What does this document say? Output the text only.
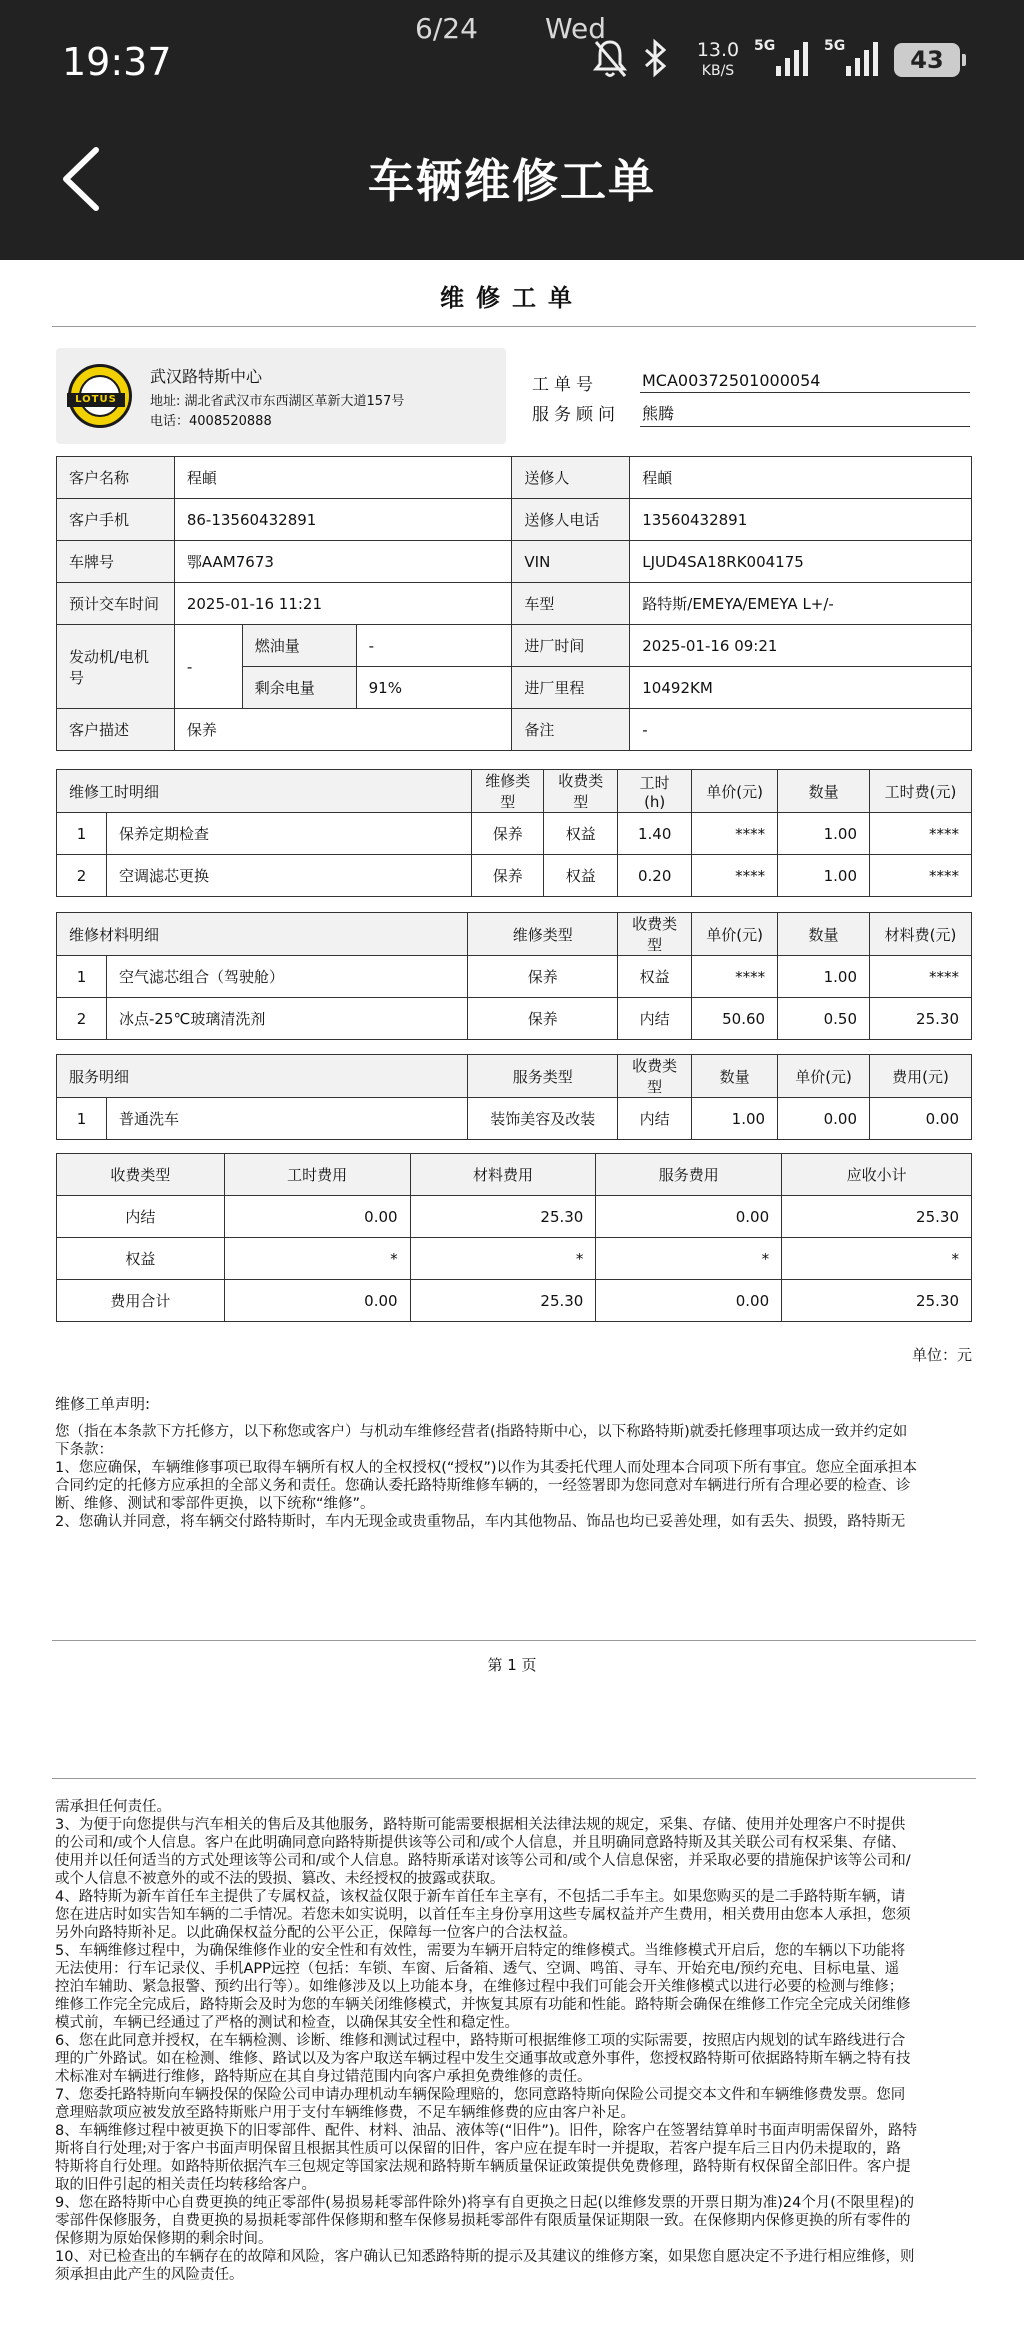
19:37
6/24 Wed
13.0
KB/S
5G	5G	43
车辆维修工单
维修工单
LOTUS
武汉路特斯中心
地址: 湖北省武汉市东西湖区革新大道157号
电话：4008520888
工单号	MCA00372501000054
服务顾问 熊腾
客户名称	程頔			送修人	程頔
客户手机	86-13560432891			送修人电话	13560432891
车牌号	鄂AAM7673			VIN	LJUD4SA18RK004175
预计交车时间	2025-01-16 11:21			车型	路特斯/EMEYA/EMEYA L+/-
发动机/电机号	-	燃油量	-	进厂时间	2025-01-16 09:21
		剩余电量	91%	进厂里程	10492KM
客户描述	保养			备注	-
维修工时明细		维修类型	收费类型	工时(h)	单价(元)	数量	工时费(元)
1	保养定期检查	保养	权益	1.40	****	1.00	****
2	空调滤芯更换	保养	权益	0.20	****	1.00	****
维修材料明细		维修类型	收费类型	单价(元)	数量	材料费(元)
1	空气滤芯组合（驾驶舱）	保养	权益	****	1.00	****
2	冰点-25℃玻璃清洗剂	保养	内结	50.60	0.50	25.30
服务明细		服务类型	收费类型	数量	单价(元)	费用(元)
1	普通洗车	装饰美容及改装	内结	1.00	0.00	0.00
收费类型	工时费用	材料费用	服务费用	应收小计
内结	0.00	25.30	0.00	25.30
权益	*	*	*	*
费用合计	0.00	25.30	0.00	25.30
单位：元
维修工单声明:
您（指在本条款下方托修方，以下称您或客户）与机动车维修经营者(指路特斯中心，以下称路特斯)就委托修理事项达成一致并约定如
下条款：
1、您应确保，车辆维修事项已取得车辆所有权人的全权授权(“授权”)以作为其委托代理人而处理本合同项下所有事宜。您应全面承担本
合同约定的托修方应承担的全部义务和责任。您确认委托路特斯维修车辆的，一经签署即为您同意对车辆进行所有合理必要的检查、诊
断、维修、测试和零部件更换，以下统称“维修”。
2、您确认并同意，将车辆交付路特斯时，车内无现金或贵重物品，车内其他物品、饰品也均已妥善处理，如有丢失、损毁，路特斯无
第 1 页
需承担任何责任。
3、为便于向您提供与汽车相关的售后及其他服务，路特斯可能需要根据相关法律法规的规定，采集、存储、使用并处理客户不时提供
的公司和/或个人信息。客户在此明确同意向路特斯提供该等公司和/或个人信息，并且明确同意路特斯及其关联公司有权采集、存储、
使用并以任何适当的方式处理该等公司和/或个人信息。路特斯承诺对该等公司和/或个人信息保密，并采取必要的措施保护该等公司和/
或个人信息不被意外的或不法的毁损、篡改、未经授权的披露或获取。
4、路特斯为新车首任车主提供了专属权益，该权益仅限于新车首任车主享有，不包括二手车主。如果您购买的是二手路特斯车辆，请
您在进店时如实告知车辆的二手情况。若您未如实说明，以首任车主身份享用这些专属权益并产生费用，相关费用由您本人承担，您须
另外向路特斯补足。以此确保权益分配的公平公正，保障每一位客户的合法权益。
5、车辆维修过程中，为确保维修作业的安全性和有效性，需要为车辆开启特定的维修模式。当维修模式开启后，您的车辆以下功能将
无法使用：行车记录仪、手机APP远控（包括：车锁、车窗、后备箱、透气、空调、鸣笛、寻车、开始充电/预约充电、目标电量、遥
控泊车辅助、紧急报警、预约出行等）。如维修涉及以上功能本身，在维修过程中我们可能会开关维修模式以进行必要的检测与维修；
维修工作完全完成后，路特斯会及时为您的车辆关闭维修模式，并恢复其原有功能和性能。路特斯会确保在维修工作完全完成关闭维修
模式前，车辆已经通过了严格的测试和检查，以确保其安全性和稳定性。
6、您在此同意并授权，在车辆检测、诊断、维修和测试过程中，路特斯可根据维修工项的实际需要，按照店内规划的试车路线进行合
理的广外路试。如在检测、维修、路试以及为客户取送车辆过程中发生交通事故或意外事件，您授权路特斯可依据路特斯车辆之特有技
术标准对车辆进行维修，路特斯应在其自身过错范围内向客户承担免费维修的责任。
7、您委托路特斯向车辆投保的保险公司申请办理机动车辆保险理赔的，您同意路特斯向保险公司提交本文件和车辆维修费发票。您同
意理赔款项应被发放至路特斯账户用于支付车辆维修费，不足车辆维修费的应由客户补足。
8、车辆维修过程中被更换下的旧零部件、配件、材料、油品、液体等(“旧件”)。旧件，除客户在签署结算单时书面声明需保留外，路特
斯将自行处理;对于客户书面声明保留且根据其性质可以保留的旧件，客户应在提车时一并提取，若客户提车后三日内仍未提取的，路
特斯将自行处理。如路特斯依据汽车三包规定等国家法规和路特斯车辆质量保证政策提供免费修理，路特斯有权保留全部旧件。客户提
取的旧件引起的相关责任均转移给客户。
9、您在路特斯中心自费更换的纯正零部件(易损易耗零部件除外)将享有自更换之日起(以维修发票的开票日期为准)24个月(不限里程)的
零部件保修服务，自费更换的易损耗零部件保修期和整车保修易损耗零部件有限质量保证期限一致。在保修期内保修更换的所有零件的
保修期为原始保修期的剩余时间。
10、对已检查出的车辆存在的故障和风险，客户确认已知悉路特斯的提示及其建议的维修方案，如果您自愿决定不予进行相应维修，则
须承担由此产生的风险责任。
